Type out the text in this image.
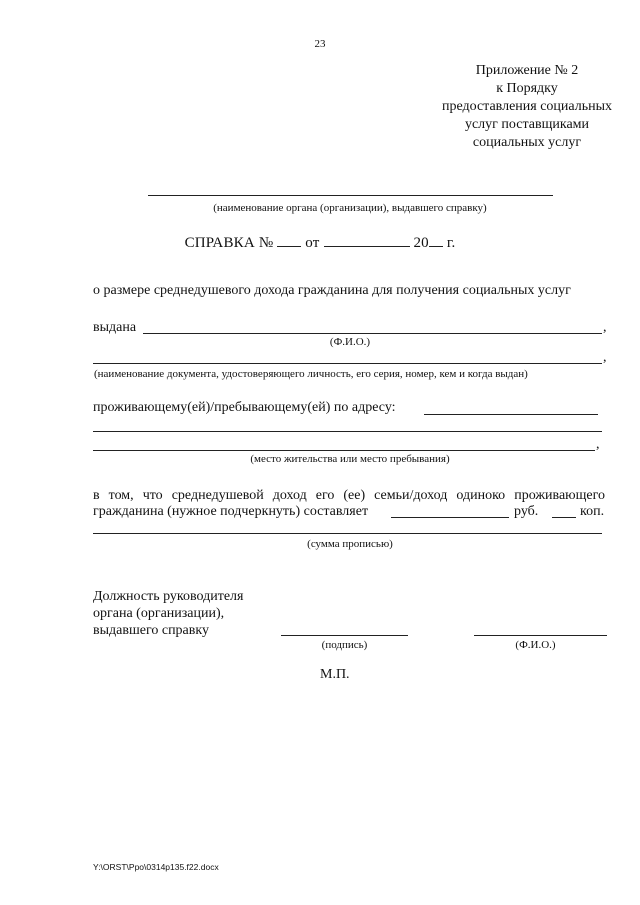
23
Приложение № 2
к Порядку
предоставления социальных
услуг поставщиками
социальных услуг
(наименование органа (организации), выдавшего справку)
СПРАВКА № от	20 г.
о размере среднедушевого дохода гражданина для получения социальных услуг
выдана	,
(Ф.И.О.)
,
(наименование документа, удостоверяющего личность, его серия, номер, кем и когда выдан)
проживающему(ей)/пребывающему(ей) по адресу:
,
(место жительства или место пребывания)
в том, что среднедушевой доход его (ее) семьи/доход одиноко проживающего
гражданина (нужное подчеркнуть) составляет	руб.	коп.
(сумма прописью)
Должность руководителя
органа (организации),
выдавшего справку
(подпись)	(Ф.И.О.)
М.П.
Y:\ORST\Ppo\0314p135.f22.docx
